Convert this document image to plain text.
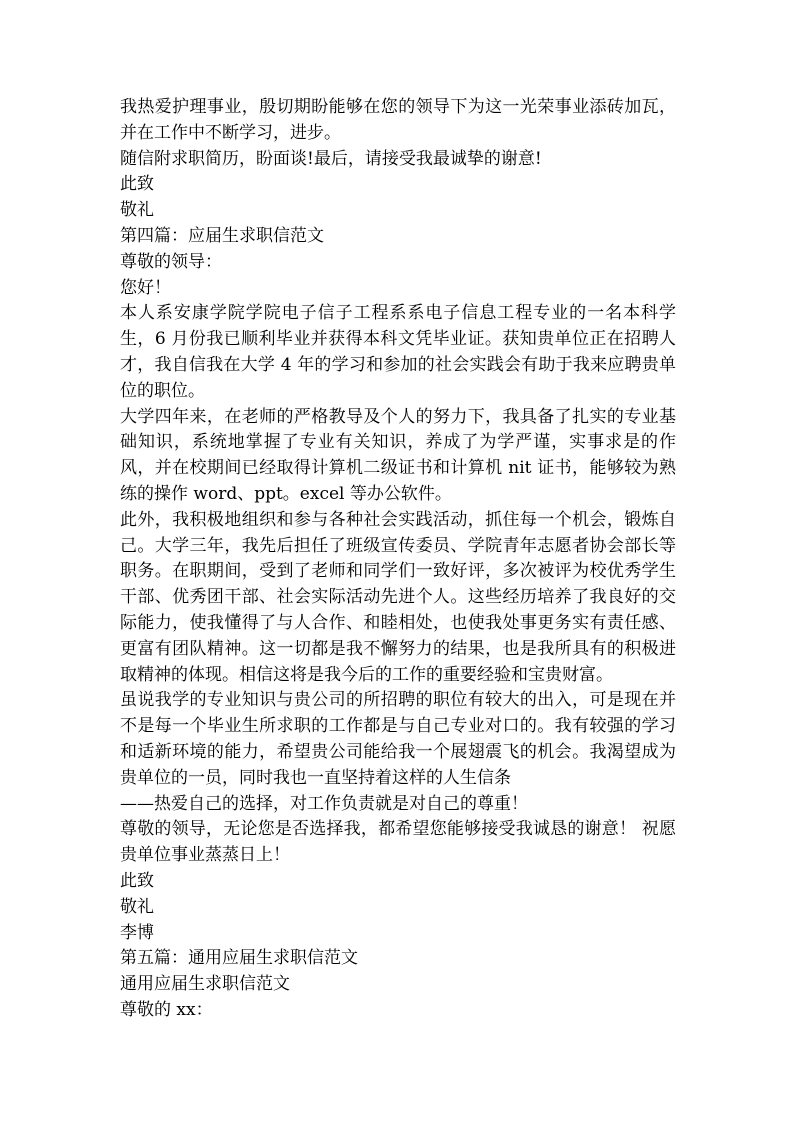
我热爱护理事业，殷切期盼能够在您的领导下为这一光荣事业添砖加瓦，并在工作中不断学习，进步。

随信附求职简历，盼面谈!最后，请接受我最诚挚的谢意!

此致

敬礼

第四篇：应届生求职信范文

尊敬的领导：

您好！

本人系安康学院学院电子信子工程系系电子信息工程专业的一名本科学生，6 月份我已顺利毕业并获得本科文凭毕业证。获知贵单位正在招聘人才，我自信我在大学 4 年的学习和参加的社会实践会有助于我来应聘贵单位的职位。

大学四年来，在老师的严格教导及个人的努力下，我具备了扎实的专业基础知识，系统地掌握了专业有关知识，养成了为学严谨，实事求是的作风，并在校期间已经取得计算机二级证书和计算机 nit 证书，能够较为熟练的操作 word、ppt。excel 等办公软件。

此外，我积极地组织和参与各种社会实践活动，抓住每一个机会，锻炼自己。大学三年，我先后担任了班级宣传委员、学院青年志愿者协会部长等职务。在职期间，受到了老师和同学们一致好评，多次被评为校优秀学生干部、优秀团干部、社会实际活动先进个人。这些经历培养了我良好的交际能力，使我懂得了与人合作、和睦相处，也使我处事更务实有责任感、更富有团队精神。这一切都是我不懈努力的结果，也是我所具有的积极进取精神的体现。相信这将是我今后的工作的重要经验和宝贵财富。

虽说我学的专业知识与贵公司的所招聘的职位有较大的出入，可是现在并不是每一个毕业生所求职的工作都是与自己专业对口的。我有较强的学习和适新环境的能力，希望贵公司能给我一个展翅震飞的机会。我渴望成为贵单位的一员，同时我也一直坚持着这样的人生信条

——热爱自己的选择，对工作负责就是对自己的尊重！

尊敬的领导，无论您是否选择我，都希望您能够接受我诚恳的谢意！ 祝愿贵单位事业蒸蒸日上！

此致

敬礼

李博

第五篇：通用应届生求职信范文

通用应届生求职信范文

尊敬的 xx：
